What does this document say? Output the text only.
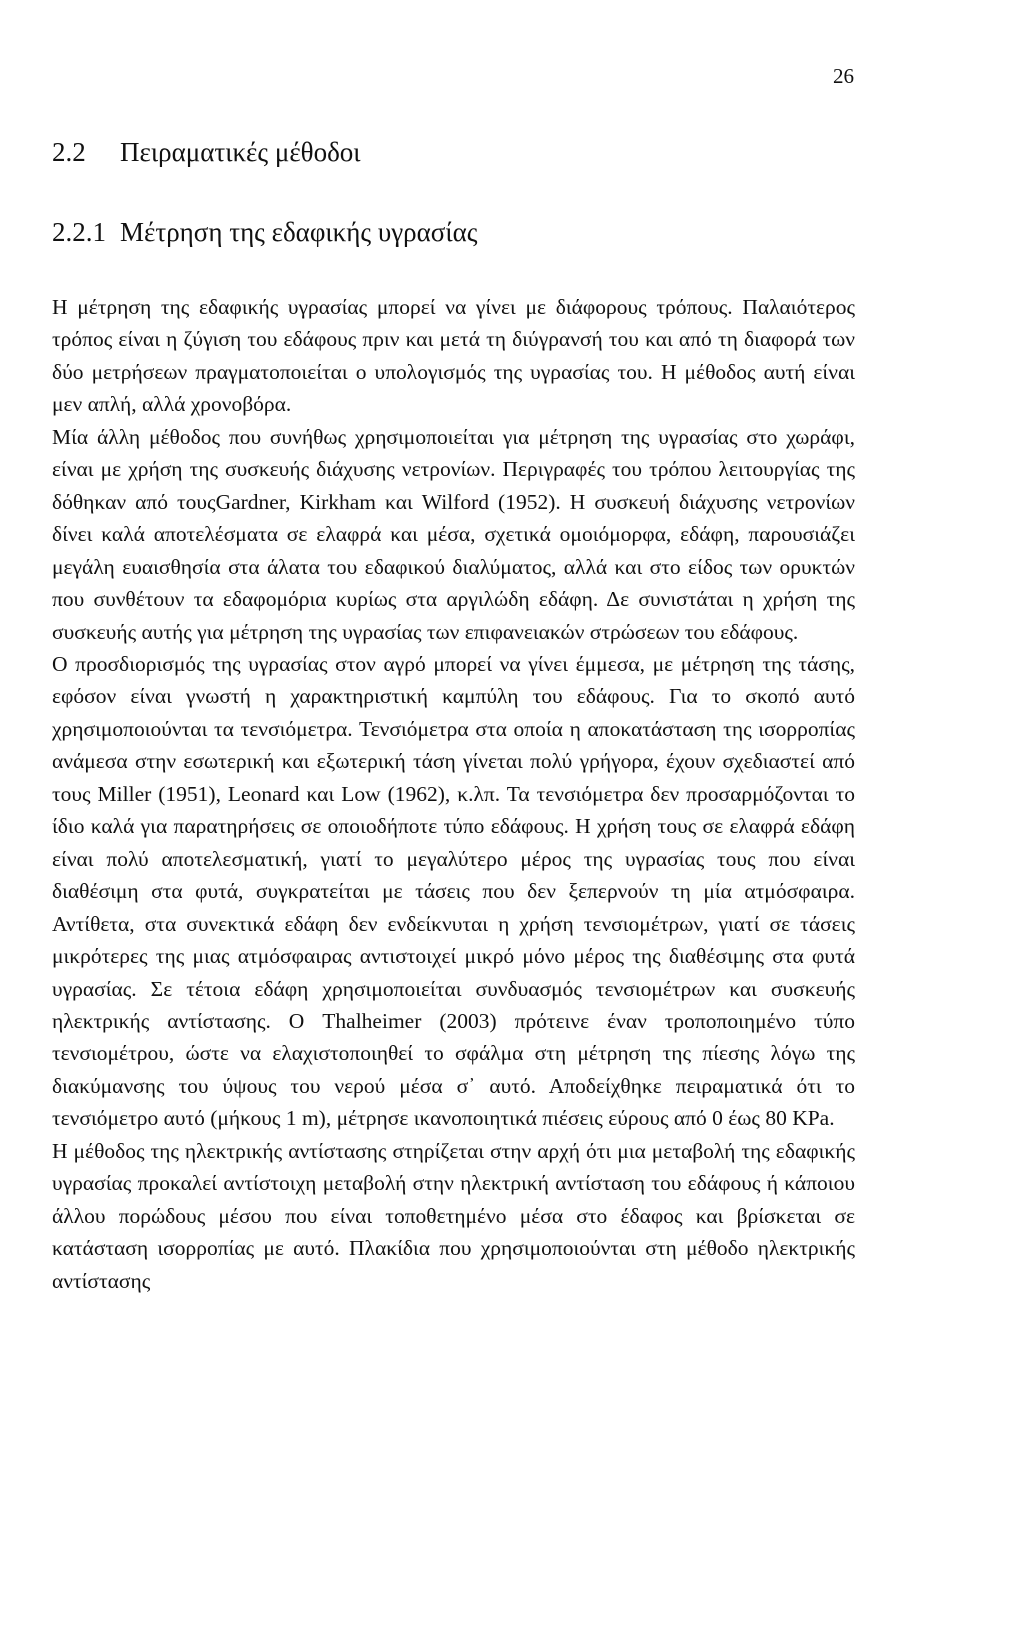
26
2.2 Πειραματικές μέθοδοι
2.2.1 Μέτρηση της εδαφικής υγρασίας

Η μέτρηση της εδαφικής υγρασίας μπορεί να γίνει με διάφορους τρόπους. Παλαιότερος τρόπος είναι η ζύγιση του εδάφους πριν και μετά τη διύγρανσή του και από τη διαφορά των δύο μετρήσεων πραγματοποιείται ο υπολογισμός της υγρασίας του. Η μέθοδος αυτή είναι μεν απλή, αλλά χρονοβόρα.

Μία άλλη μέθοδος που συνήθως χρησιμοποιείται για μέτρηση της υγρασίας στο χωράφι, είναι με χρήση της συσκευής διάχυσης νετρονίων. Περιγραφές του τρόπου λειτουργίας της δόθηκαν από τουςGardner, Kirkham και Wilford (1952). Η συσκευή διάχυσης νετρονίων δίνει καλά αποτελέσματα σε ελαφρά και μέσα, σχετικά ομοιόμορφα, εδάφη, παρουσιάζει μεγάλη ευαισθησία στα άλατα του εδαφικού διαλύματος, αλλά και στο είδος των ορυκτών που συνθέτουν τα εδαφομόρια κυρίως στα αργιλώδη εδάφη. Δε συνιστάται η χρήση της συσκευής αυτής για μέτρηση της υγρασίας των επιφανειακών στρώσεων του εδάφους.

Ο προσδιορισμός της υγρασίας στον αγρό μπορεί να γίνει έμμεσα, με μέτρηση της τάσης, εφόσον είναι γνωστή η χαρακτηριστική καμπύλη του εδάφους. Για το σκοπό αυτό χρησιμοποιούνται τα τενσιόμετρα. Τενσιόμετρα στα οποία η αποκατάσταση της ισορροπίας ανάμεσα στην εσωτερική και εξωτερική τάση γίνεται πολύ γρήγορα, έχουν σχεδιαστεί από τους Miller (1951), Leonard και Low (1962), κ.λπ. Τα τενσιόμετρα δεν προσαρμόζονται το ίδιο καλά για παρατηρήσεις σε οποιοδήποτε τύπο εδάφους. Η χρήση τους σε ελαφρά εδάφη είναι πολύ αποτελεσματική, γιατί το μεγαλύτερο μέρος της υγρασίας τους που είναι διαθέσιμη στα φυτά, συγκρατείται με τάσεις που δεν ξεπερνούν τη μία ατμόσφαιρα. Αντίθετα, στα συνεκτικά εδάφη δεν ενδείκνυται η χρήση τενσιομέτρων, γιατί σε τάσεις μικρότερες της μιας ατμόσφαιρας αντιστοιχεί μικρό μόνο μέρος της διαθέσιμης στα φυτά υγρασίας. Σε τέτοια εδάφη χρησιμοποιείται συνδυασμός τενσιομέτρων και συσκευής ηλεκτρικής αντίστασης. Ο Thalheimer (2003) πρότεινε έναν τροποποιημένο τύπο τενσιομέτρου, ώστε να ελαχιστοποιηθεί το σφάλμα στη μέτρηση της πίεσης λόγω της διακύμανσης του ύψους του νερού μέσα σ᾽ αυτό. Αποδείχθηκε πειραματικά ότι το τενσιόμετρο αυτό (μήκους 1 m), μέτρησε ικανοποιητικά πιέσεις εύρους από 0 έως 80 KPa.

Η μέθοδος της ηλεκτρικής αντίστασης στηρίζεται στην αρχή ότι μια μεταβολή της εδαφικής υγρασίας προκαλεί αντίστοιχη μεταβολή στην ηλεκτρική αντίσταση του εδάφους ή κάποιου άλλου πορώδους μέσου που είναι τοποθετημένο μέσα στο έδαφος και βρίσκεται σε κατάσταση ισορροπίας με αυτό. Πλακίδια που χρησιμοποιούνται στη μέθοδο ηλεκτρικής αντίστασης
